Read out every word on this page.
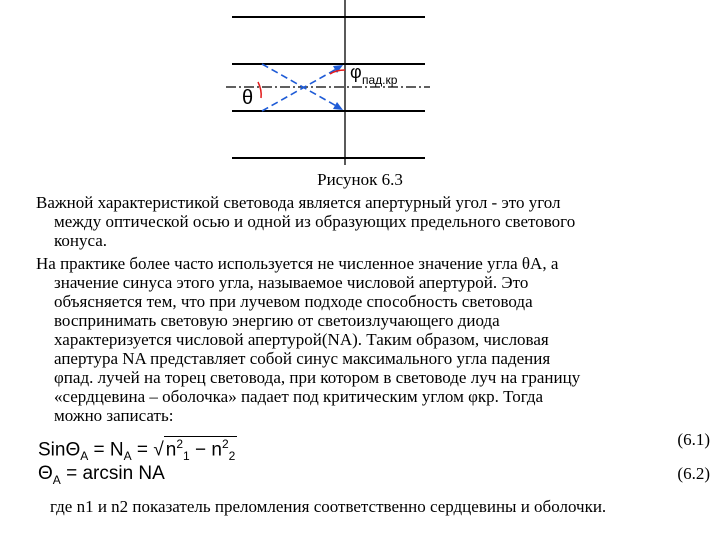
θ
φ пад.кр
Рисунок 6.3
Важной характеристикой световода является апертурный угол - это угол
между оптической осью и одной из образующих предельного светового
конуса.
На практике более часто используется не численное значение угла θА, а
значение синуса этого угла, называемое числовой апертурой. Это
объясняется тем, что при лучевом подходе способность световода
воспринимать световую энергию от светоизлучающего диода
характеризуется числовой апертурой(NA). Таким образом, числовая
апертура NA представляет собой синус максимального угла падения
φпад. лучей на торец световода, при котором в световоде луч на границу
«сердцевина – оболочка» падает под критическим углом φкр. Тогда
можно записать:
$Sin\Theta_A = N_A$ = √ $n^2_1 - n^2_2$
(6.1)
$\Theta_A = \arcsin$ NA	(6.2)
где n1 и n2 показатель преломления соответственно сердцевины и оболочки.
